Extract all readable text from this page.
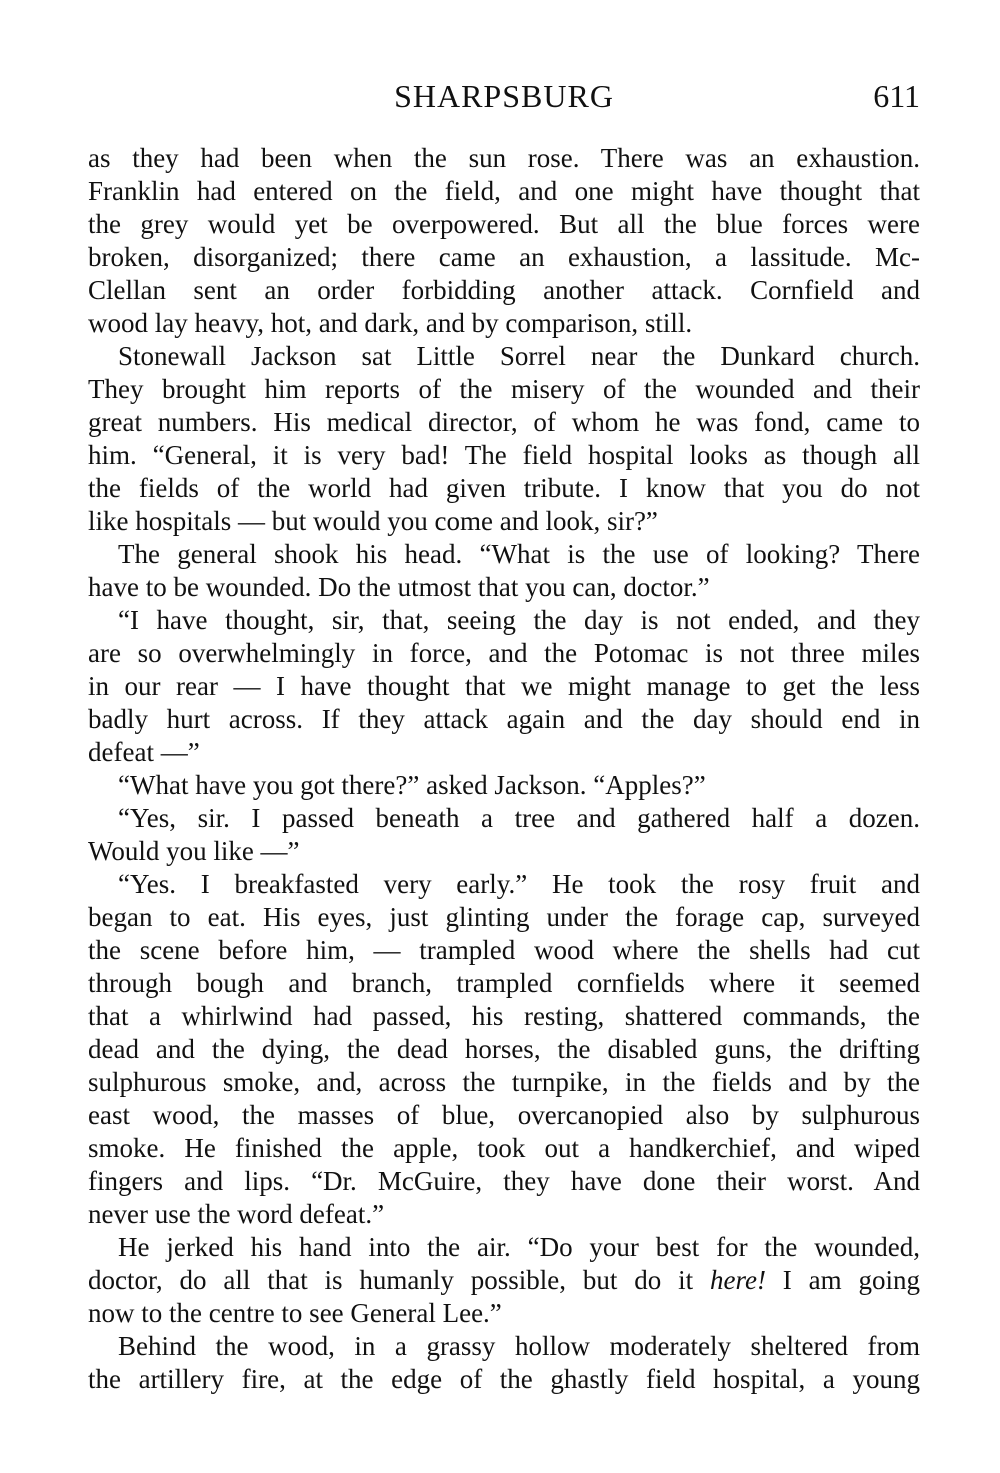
SHARPSBURG	611

as they had been when the sun rose. There was an exhaustion.
Franklin had entered on the field, and one might have thought that
the grey would yet be overpowered. But all the blue forces were
broken, disorganized; there came an exhaustion, a lassitude. Mc-
Clellan sent an order forbidding another attack. Cornfield and
wood lay heavy, hot, and dark, and by comparison, still.

Stonewall Jackson sat Little Sorrel near the Dunkard church.
They brought him reports of the misery of the wounded and their
great numbers. His medical director, of whom he was fond, came to
him. “General, it is very bad! The field hospital looks as though all
the fields of the world had given tribute. I know that you do not
like hospitals — but would you come and look, sir?”

The general shook his head. “What is the use of looking? There
have to be wounded. Do the utmost that you can, doctor.”

“I have thought, sir, that, seeing the day is not ended, and they
are so overwhelmingly in force, and the Potomac is not three miles
in our rear — I have thought that we might manage to get the less
badly hurt across. If they attack again and the day should end in
defeat —”

“What have you got there?” asked Jackson. “Apples?”

“Yes, sir. I passed beneath a tree and gathered half a dozen.
Would you like —”

“Yes. I breakfasted very early.” He took the rosy fruit and
began to eat. His eyes, just glinting under the forage cap, surveyed
the scene before him, — trampled wood where the shells had cut
through bough and branch, trampled cornfields where it seemed
that a whirlwind had passed, his resting, shattered commands, the
dead and the dying, the dead horses, the disabled guns, the drifting
sulphurous smoke, and, across the turnpike, in the fields and by the
east wood, the masses of blue, overcanopied also by sulphurous
smoke. He finished the apple, took out a handkerchief, and wiped
fingers and lips. “Dr. McGuire, they have done their worst. And
never use the word defeat.”

He jerked his hand into the air. “Do your best for the wounded,
doctor, do all that is humanly possible, but do it here! I am going
now to the centre to see General Lee.”

Behind the wood, in a grassy hollow moderately sheltered from
the artillery fire, at the edge of the ghastly field hospital, a young
